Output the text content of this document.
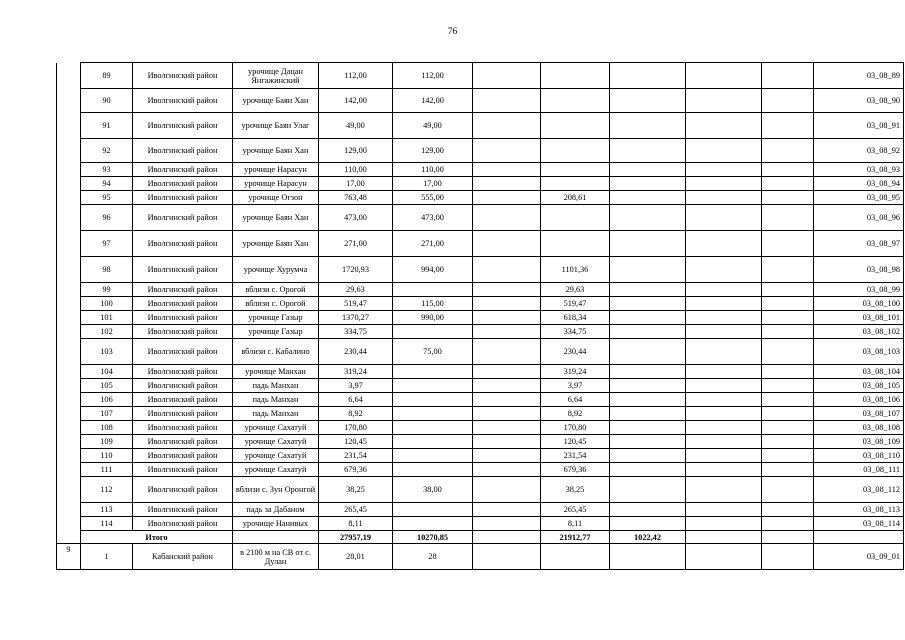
76
	89	Иволгинский район	урочище Дацан Янгажинский	112,00	112,00						03_08_89
	90	Иволгинский район	урочище Баян Хан	142,00	142,00						03_08_90
	91	Иволгинский район	урочище Баян Улаг	49,00	49,00						03_08_91
	92	Иволгинский район	урочище Баян Хан	129,00	129,00						03_08_92
	93	Иволгинский район	урочище Нарасун	110,00	110,00						03_08_93
	94	Иволгинский район	урочище Нарасун	17,00	17,00						03_08_94
	95	Иволгинский район	урочище Огзон	763,48	555,00		208,61				03_08_95
	96	Иволгинский район	урочище Баян Хан	473,00	473,00						03_08_96
	97	Иволгинский район	урочище Баян Хан	271,00	271,00						03_08_97
	98	Иволгинский район	урочище Хурумча	1720,93	994,00		1101,36				03_08_98
	99	Иволгинский район	вблизи с. Орогой	29,63			29,63				03_08_99
	100	Иволгинский район	вблизи с. Орогой	519,47	115,00		519,47				03_08_100
	101	Иволгинский район	урочище Газыр	1370,27	990,00		618,34				03_08_101
	102	Иволгинский район	урочище Газыр	334,75			334,75				03_08_102
	103	Иволгинский район	вблизи с. Кабалино	230,44	75,00		230,44				03_08_103
	104	Иволгинский район	урочище Манхан	319,24			319,24				03_08_104
	105	Иволгинский район	падь Манхан	3,97			3,97				03_08_105
	106	Иволгинский район	падь Манхан	6,64			6,64				03_08_106
	107	Иволгинский район	падь Манхан	8,92			8,92				03_08_107
	108	Иволгинский район	урочище Сахатуй	170,80			170,80				03_08_108
	109	Иволгинский район	урочище Сахатуй	120,45			120,45				03_08_109
	110	Иволгинский район	урочище Сахатуй	231,54			231,54				03_08_110
	111	Иволгинский район	урочище Сахатуй	679,36			679,36				03_08_111
	112	Иволгинский район	вблизи с. Зун Оронгой	38,25	38,00		38,25				03_08_112
	113	Иволгинский район	падь за Дабаном	265,45			265,45				03_08_113
	114	Иволгинский район	урочище Нанивых	8,11			8,11				03_08_114
	Итого			27957,19	10270,85		21912,77	1022,42			
9	1	Кабанский район	в 2100 м на СВ от с. Дулан	28,01	28						03_09_01
